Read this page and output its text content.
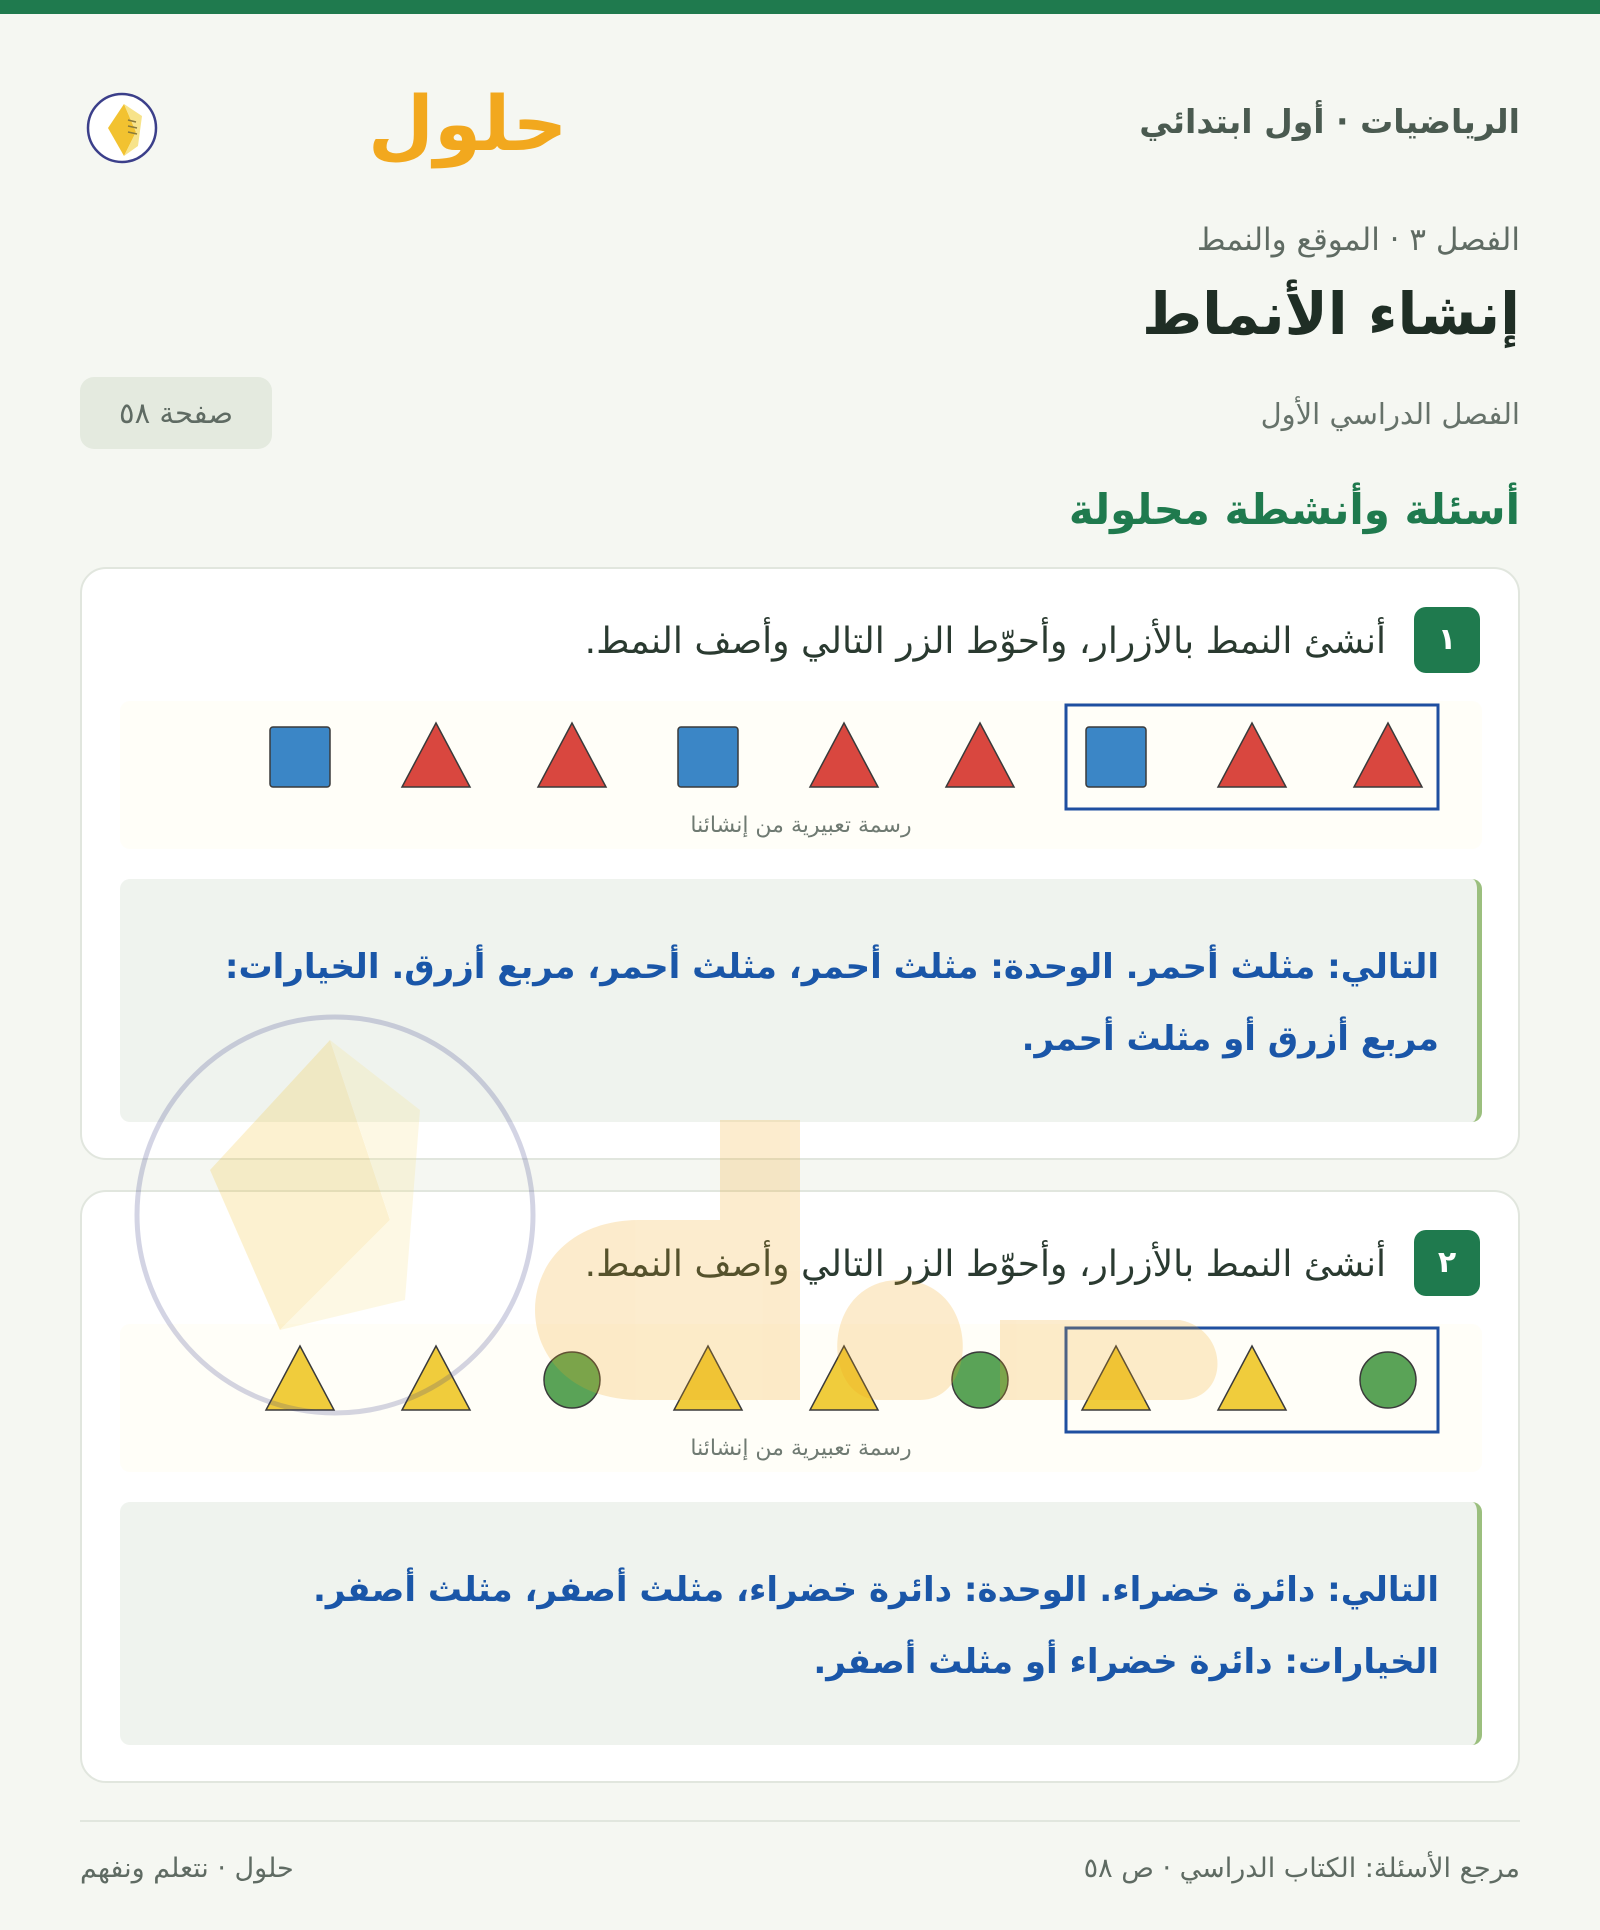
الرياضيات · أول ابتدائي
حلول
الفصل ٣ · الموقع والنمط
إنشاء الأنماط
الفصل الدراسي الأول
صفحة ٥٨
أسئلة وأنشطة محلولة
١
أنشئ النمط بالأزرار، وأحوّط الزر التالي وأصف النمط.
رسمة تعبيرية من إنشائنا
التالي: مثلث أحمر. الوحدة: مثلث أحمر، مثلث أحمر، مربع أزرق. الخيارات: مربع أزرق أو مثلث أحمر.
٢
أنشئ النمط بالأزرار، وأحوّط الزر التالي وأصف النمط.
رسمة تعبيرية من إنشائنا
التالي: دائرة خضراء. الوحدة: دائرة خضراء، مثلث أصفر، مثلث أصفر. الخيارات: دائرة خضراء أو مثلث أصفر.
مرجع الأسئلة: الكتاب الدراسي · ص ٥٨
حلول · نتعلم ونفهم
